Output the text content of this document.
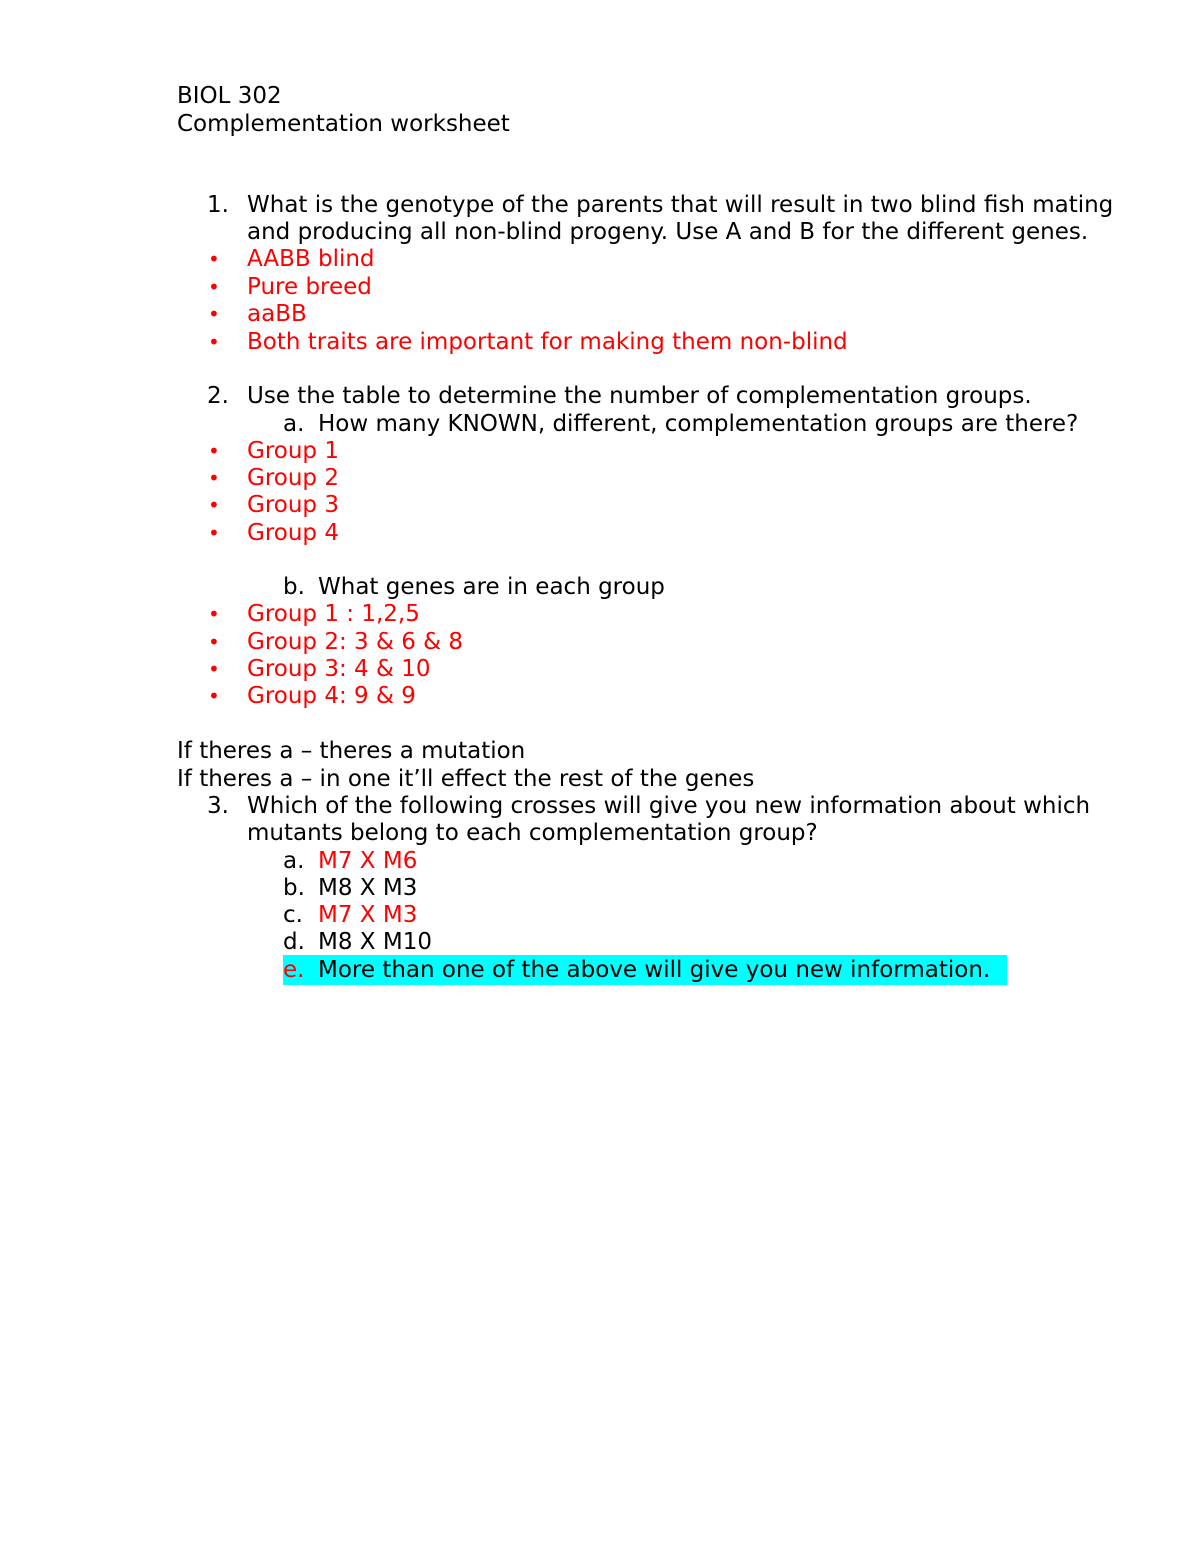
BIOL 302
Complementation worksheet
1. What is the genotype of the parents that will result in two blind fish mating
and producing all non-blind progeny. Use A and B for the different genes.
• AABB blind
• Pure breed
• aaBB
• Both traits are important for making them non-blind
2. Use the table to determine the number of complementation groups.
a. How many KNOWN, different, complementation groups are there?
• Group 1
• Group 2
• Group 3
• Group 4
b. What genes are in each group
• Group 1 : 1,2,5
• Group 2: 3 & 6 & 8
• Group 3: 4 & 10
• Group 4: 9 & 9
If theres a – theres a mutation
If theres a – in one it’ll effect the rest of the genes
3. Which of the following crosses will give you new information about which
mutants belong to each complementation group?
a. M7 X M6
b. M8 X M3
c. M7 X M3
d. M8 X M10
e. More than one of the above will give you new information.
